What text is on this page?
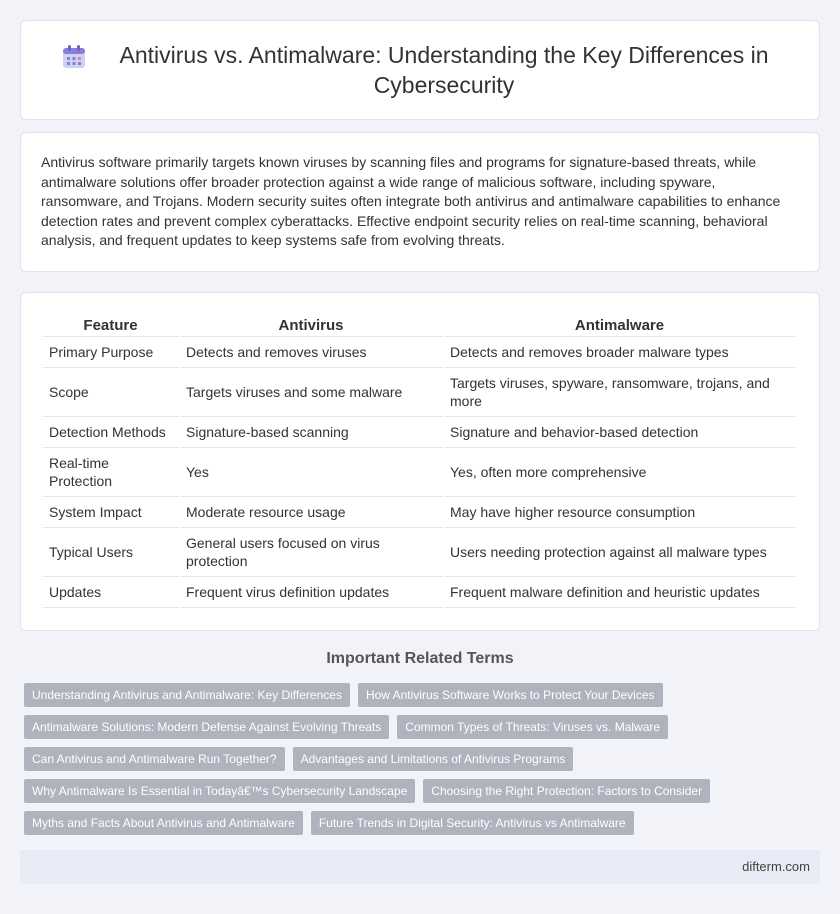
Antivirus vs. Antimalware: Understanding the Key Differences in Cybersecurity

Antivirus software primarily targets known viruses by scanning files and programs for signature-based threats, while antimalware solutions offer broader protection against a wide range of malicious software, including spyware, ransomware, and Trojans. Modern security suites often integrate both antivirus and antimalware capabilities to enhance detection rates and prevent complex cyberattacks. Effective endpoint security relies on real-time scanning, behavioral analysis, and frequent updates to keep systems safe from evolving threats.

Feature	Antivirus	Antimalware
Primary Purpose	Detects and removes viruses	Detects and removes broader malware types
Scope	Targets viruses and some malware	Targets viruses, spyware, ransomware, trojans, and more
Detection Methods	Signature-based scanning	Signature and behavior-based detection
Real-time Protection	Yes	Yes, often more comprehensive
System Impact	Moderate resource usage	May have higher resource consumption
Typical Users	General users focused on virus protection	Users needing protection against all malware types
Updates	Frequent virus definition updates	Frequent malware definition and heuristic updates
Important Related Terms
Understanding Antivirus and Antimalware: Key Differences	How Antivirus Software Works to Protect Your Devices
Antimalware Solutions: Modern Defense Against Evolving Threats	Common Types of Threats: Viruses vs. Malware
Can Antivirus and Antimalware Run Together?	Advantages and Limitations of Antivirus Programs
Why Antimalware Is Essential in Todayâ€™s Cybersecurity Landscape	Choosing the Right Protection: Factors to Consider
Myths and Facts About Antivirus and Antimalware	Future Trends in Digital Security: Antivirus vs Antimalware
difterm.com
